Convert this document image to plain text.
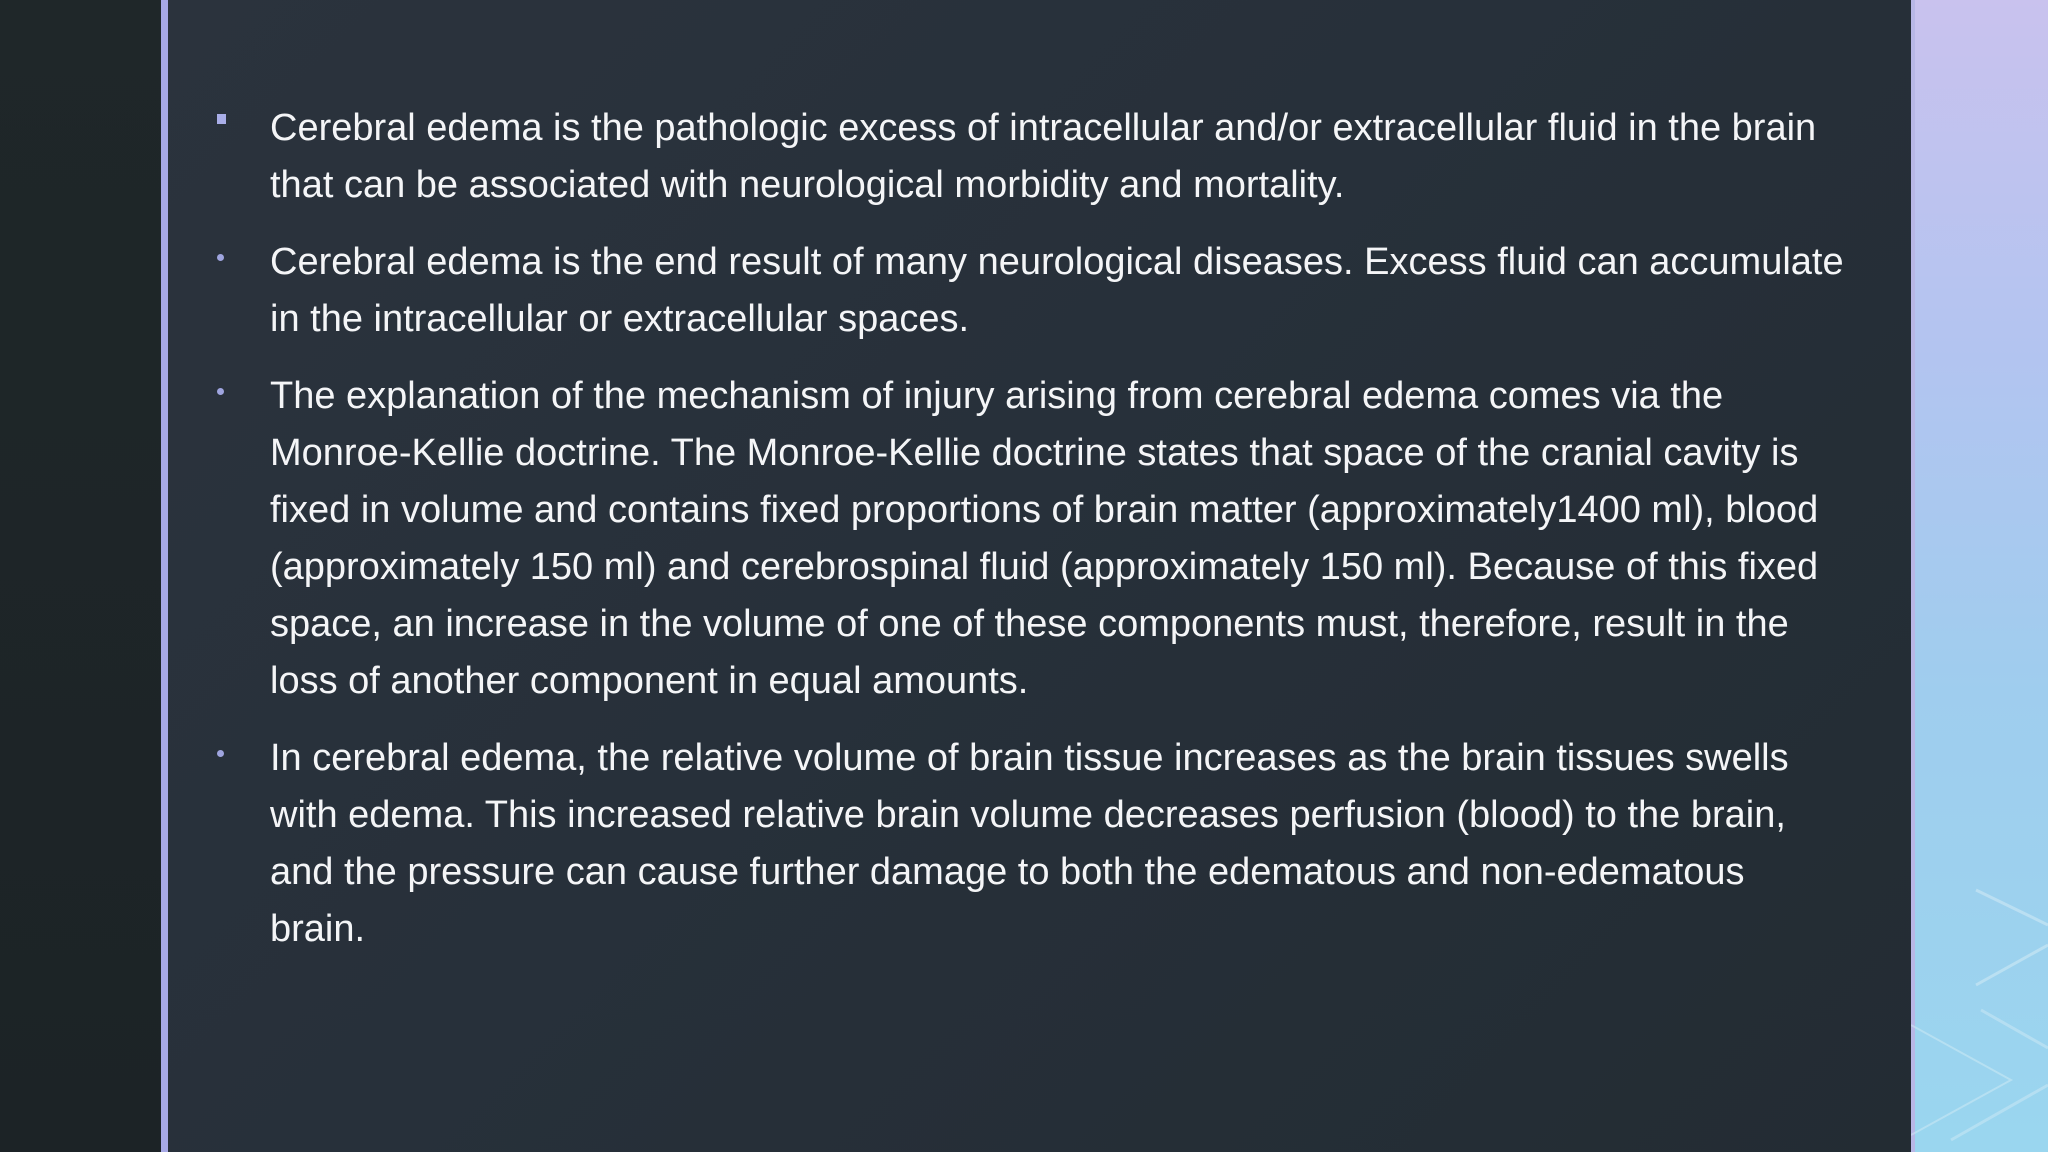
Cerebral edema is the pathologic excess of intracellular and/or extracellular fluid in the brain that can be associated with neurological morbidity and mortality.
Cerebral edema is the end result of many neurological diseases. Excess fluid can accumulate in the intracellular or extracellular spaces.
The explanation of the mechanism of injury arising from cerebral edema comes via the Monroe-Kellie doctrine. The Monroe-Kellie doctrine states that space of the cranial cavity is fixed in volume and contains fixed proportions of brain matter (approximately1400 ml), blood (approximately 150 ml) and cerebrospinal fluid (approximately 150 ml). Because of this fixed space, an increase in the volume of one of these components must, therefore, result in the loss of another component in equal amounts.
In cerebral edema, the relative volume of brain tissue increases as the brain tissues swells with edema. This increased relative brain volume decreases perfusion (blood) to the brain, and the pressure can cause further damage to both the edematous and non-edematous brain.
